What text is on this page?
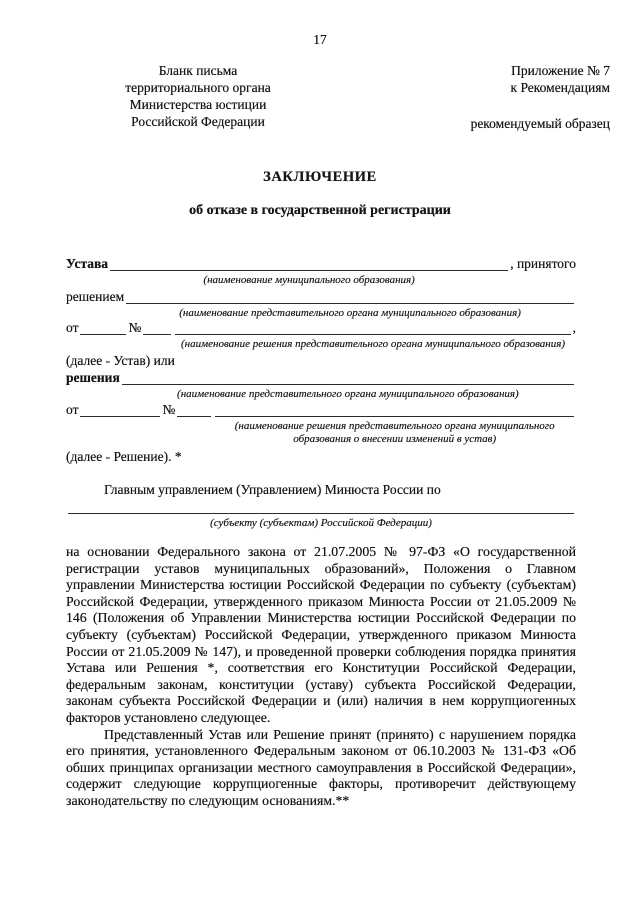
17
Бланк письма
территориального органа
Министерства юстиции
Российской Федерации
Приложение № 7
к Рекомендациям
рекомендуемый образец
ЗАКЛЮЧЕНИЕ
об отказе в государственной регистрации
Устава
(наименование муниципального образования)
, принятого
решением
(наименование представительного органа муниципального образования)
от	№
(наименование решения представительного органа муниципального образования)
,
(далее - Устав) или
решения
(наименование представительного органа муниципального образования)
от	№
(наименование решения представительного органа муниципального образования о внесении изменений в устав)
(далее - Решение). *
Главным управлением (Управлением) Минюста России по
(субъекту (субъектам) Российской Федерации)

на основании Федерального закона от 21.07.2005 № 97-ФЗ «О государственной регистрации уставов муниципальных образований», Положения о Главном управлении Министерства юстиции Российской Федерации по субъекту (субъектам) Российской Федерации, утвержденного приказом Минюста России от 21.05.2009 № 146 (Положения об Управлении Министерства юстиции Российской Федерации по субъекту (субъектам) Российской Федерации, утвержденного приказом Минюста России от 21.05.2009 № 147), и проведенной проверки соблюдения порядка принятия Устава или Решения *, соответствия его Конституции Российской Федерации, федеральным законам, конституции (уставу) субъекта Российской Федерации, законам субъекта Российской Федерации и (или) наличия в нем коррупциогенных факторов установлено следующее.

Представленный Устав или Решение принят (принято) с нарушением порядка его принятия, установленного Федеральным законом от 06.10.2003 № 131-ФЗ «Об обших принципах организации местного самоуправления в Российской Федерации», содержит следующие коррупциогенные факторы, противоречит действующему законодательству по следующим основаниям.**
